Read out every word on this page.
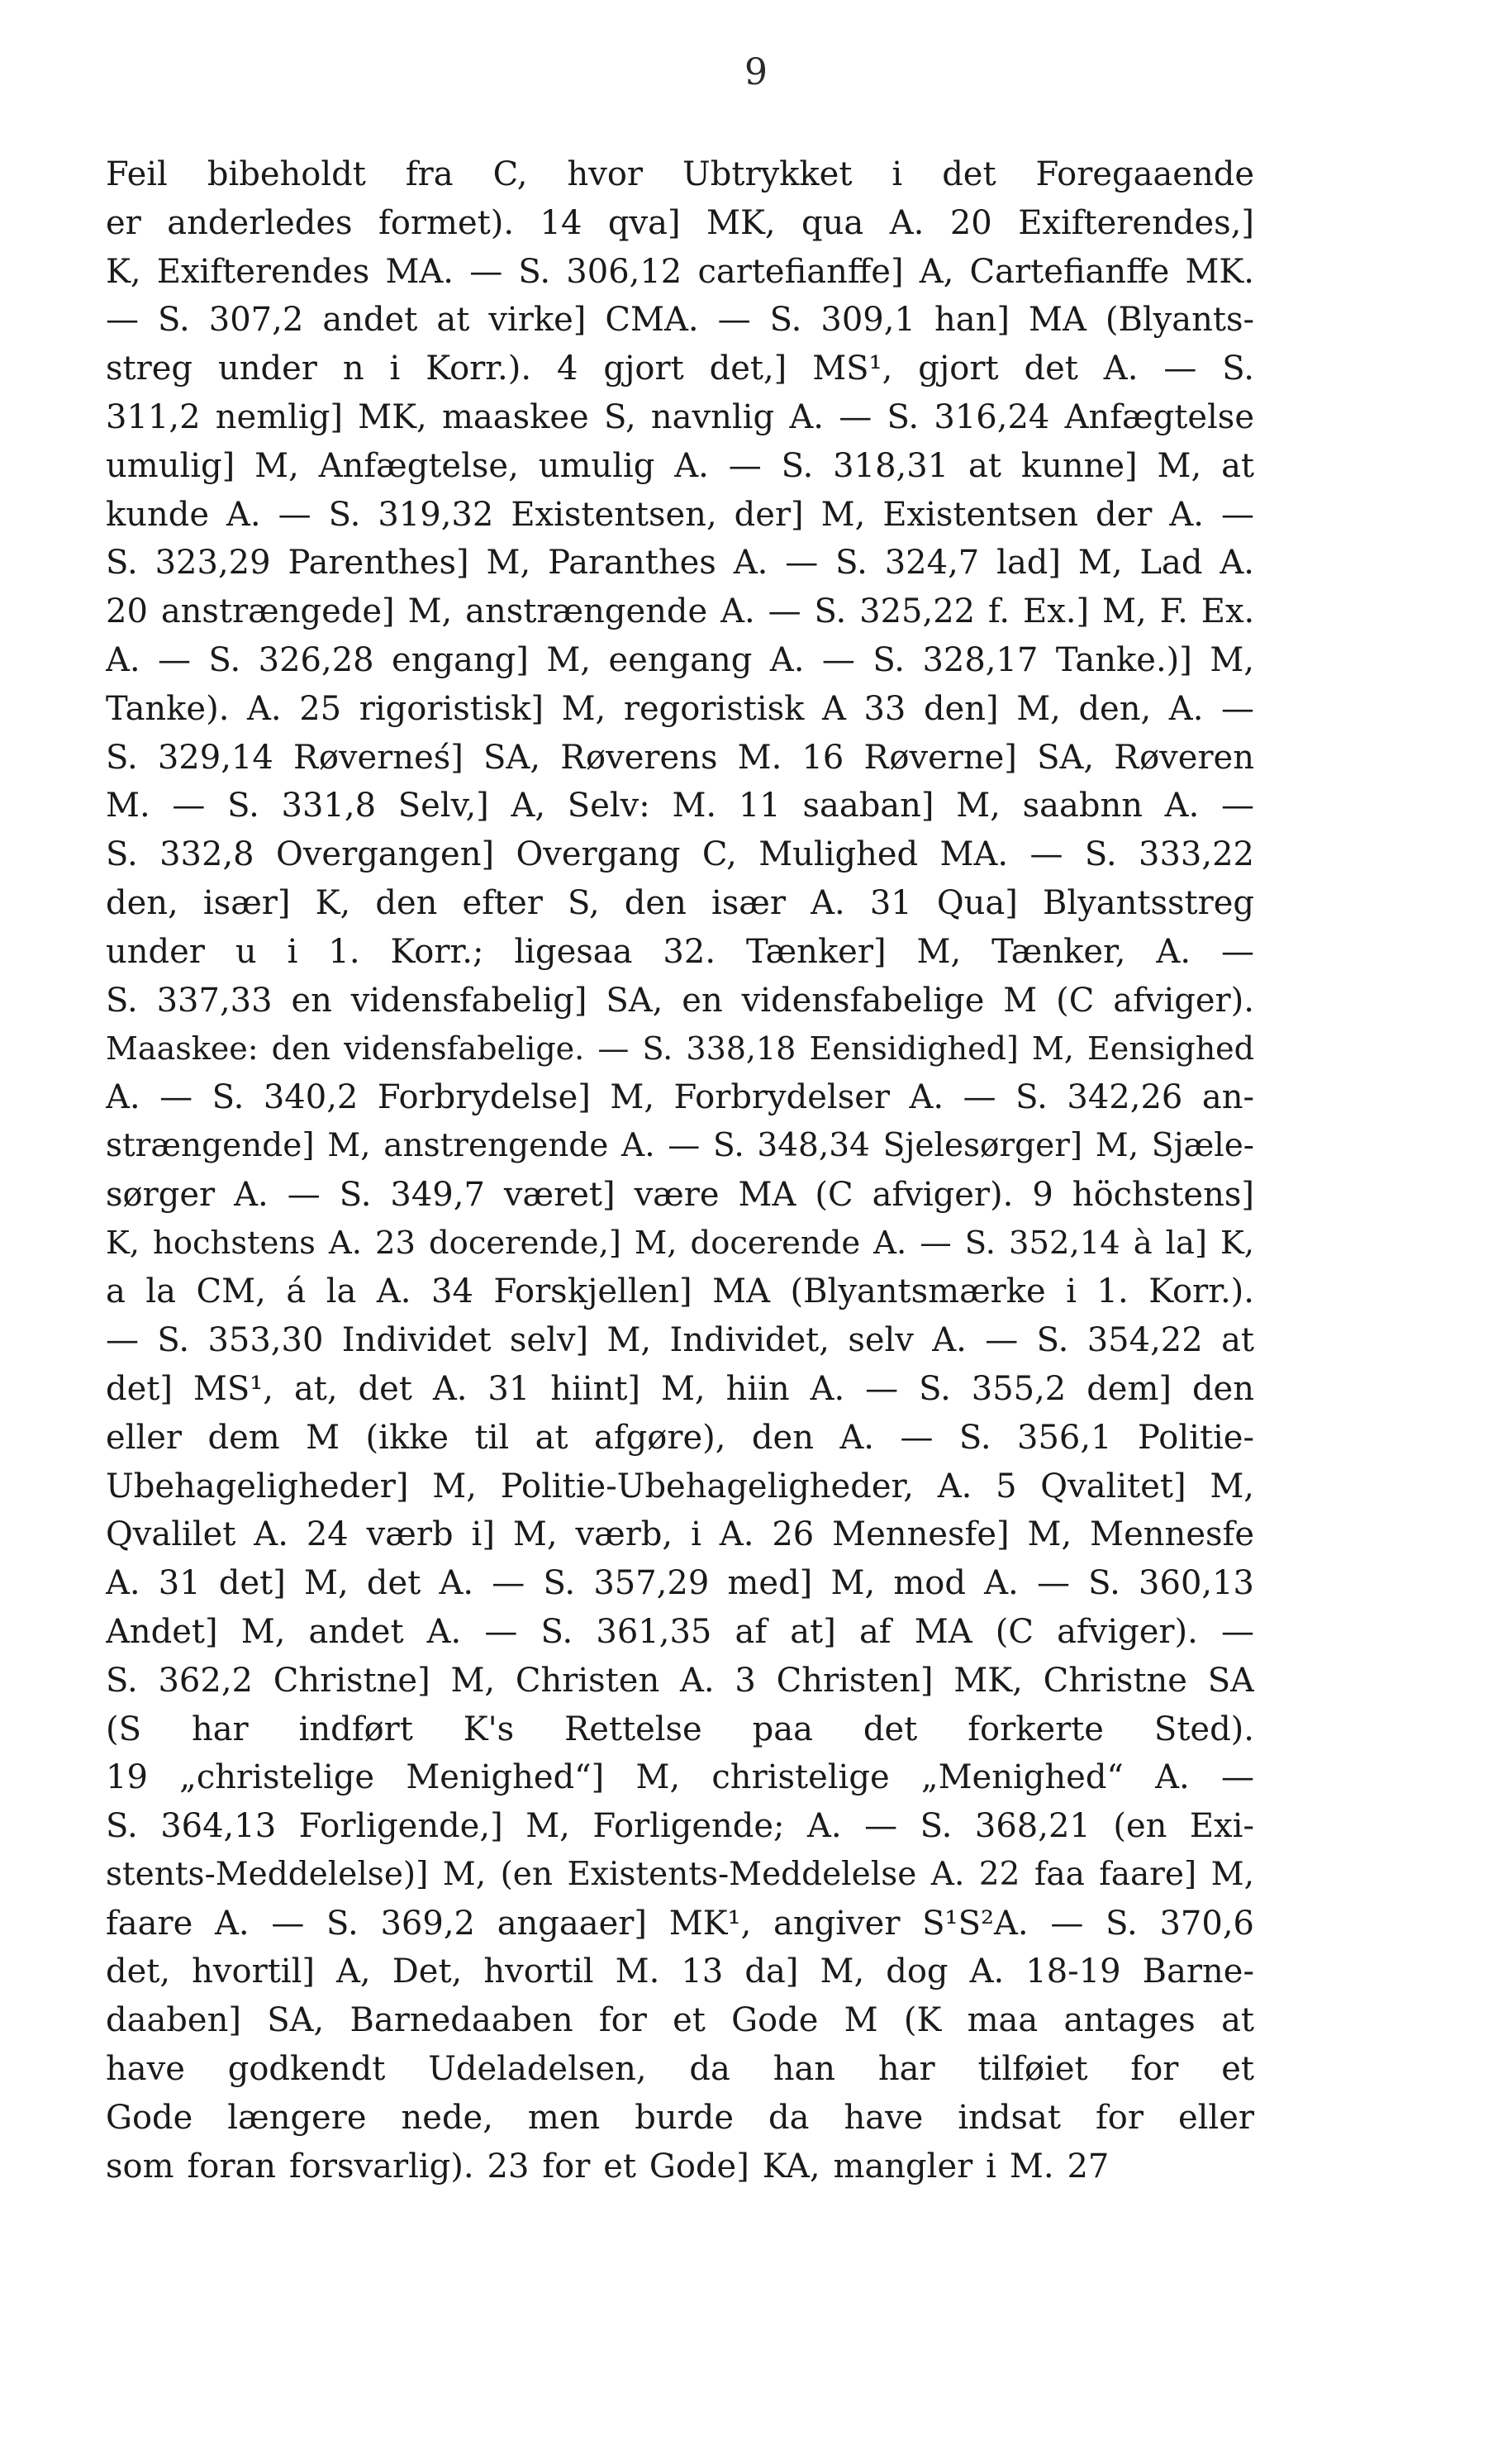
9
Feil bibeholdt fra C, hvor Ubtrykket i det Foregaaende
er anderledes formet). 14 qva] MK, qua A. 20 Exifterendes,]
K, Exifterendes MA. — S. 306,12 cartefianffe] A, Cartefianffe MK.
— S. 307,2 andet at virke] CMA. — S. 309,1 han] MA (Blyants-
streg under n i Korr.). 4 gjort det,] MS¹, gjort det A. — S.
311,2 nemlig] MK, maaskee S, navnlig A. — S. 316,24 Anfægtelse
umulig] M, Anfægtelse, umulig A. — S. 318,31 at kunne] M, at
kunde A. — S. 319,32 Existentsen, der] M, Existentsen der A. —
S. 323,29 Parenthes] M, Paranthes A. — S. 324,7 lad] M, Lad A.
20 anstrængede] M, anstrængende A. — S. 325,22 f. Ex.] M, F. Ex.
A. — S. 326,28 engang] M, eengang A. — S. 328,17 Tanke.)] M,
Tanke). A. 25 rigoristisk] M, regoristisk A 33 den] M, den, A. —
S. 329,14 Røverneś] SA, Røverens M. 16 Røverne] SA, Røveren
M. — S. 331,8 Selv,] A, Selv: M. 11 saaban] M, saabnn A. —
S. 332,8 Overgangen] Overgang C, Mulighed MA. — S. 333,22
den, især] K, den efter S, den især A. 31 Qua] Blyantsstreg
under u i 1. Korr.; ligesaa 32. Tænker] M, Tænker, A. —
S. 337,33 en vidensfabelig] SA, en vidensfabelige M (C afviger).
Maaskee: den vidensfabelige. — S. 338,18 Eensidighed] M, Eensighed
A. — S. 340,2 Forbrydelse] M, Forbrydelser A. — S. 342,26 an-
strængende] M, anstrengende A. — S. 348,34 Sjelesørger] M, Sjæle-
sørger A. — S. 349,7 været] være MA (C afviger). 9 höchstens]
K, hochstens A. 23 docerende,] M, docerende A. — S. 352,14 à la] K,
a la CM, á la A. 34 Forskjellen] MA (Blyantsmærke i 1. Korr.).
— S. 353,30 Individet selv] M, Individet, selv A. — S. 354,22 at
det] MS¹, at, det A. 31 hiint] M, hiin A. — S. 355,2 dem] den
eller dem M (ikke til at afgøre), den A. — S. 356,1 Politie-
Ubehageligheder] M, Politie-Ubehageligheder, A. 5 Qvalitet] M,
Qvalilet A. 24 værb i] M, værb, i A. 26 Mennesfe] M, Mennesfe
A. 31 det] M, det A. — S. 357,29 med] M, mod A. — S. 360,13
Andet] M, andet A. — S. 361,35 af at] af MA (C afviger). —
S. 362,2 Christne] M, Christen A. 3 Christen] MK, Christne SA
(S har indført K's Rettelse paa det forkerte Sted).
19 „christelige Menighed“] M, christelige „Menighed“ A. —
S. 364,13 Forligende,] M, Forligende; A. — S. 368,21 (en Exi-
stents-Meddelelse)] M, (en Existents-Meddelelse A. 22 faa faare] M,
faare A. — S. 369,2 angaaer] MK¹, angiver S¹S²A. — S. 370,6
det, hvortil] A, Det, hvortil M. 13 da] M, dog A. 18-19 Barne-
daaben] SA, Barnedaaben for et Gode M (K maa antages at
have godkendt Udeladelsen, da han har tilføiet for et
Gode længere nede, men burde da have indsat for eller
som foran forsvarlig). 23 for et Gode] KA, mangler i M. 27
